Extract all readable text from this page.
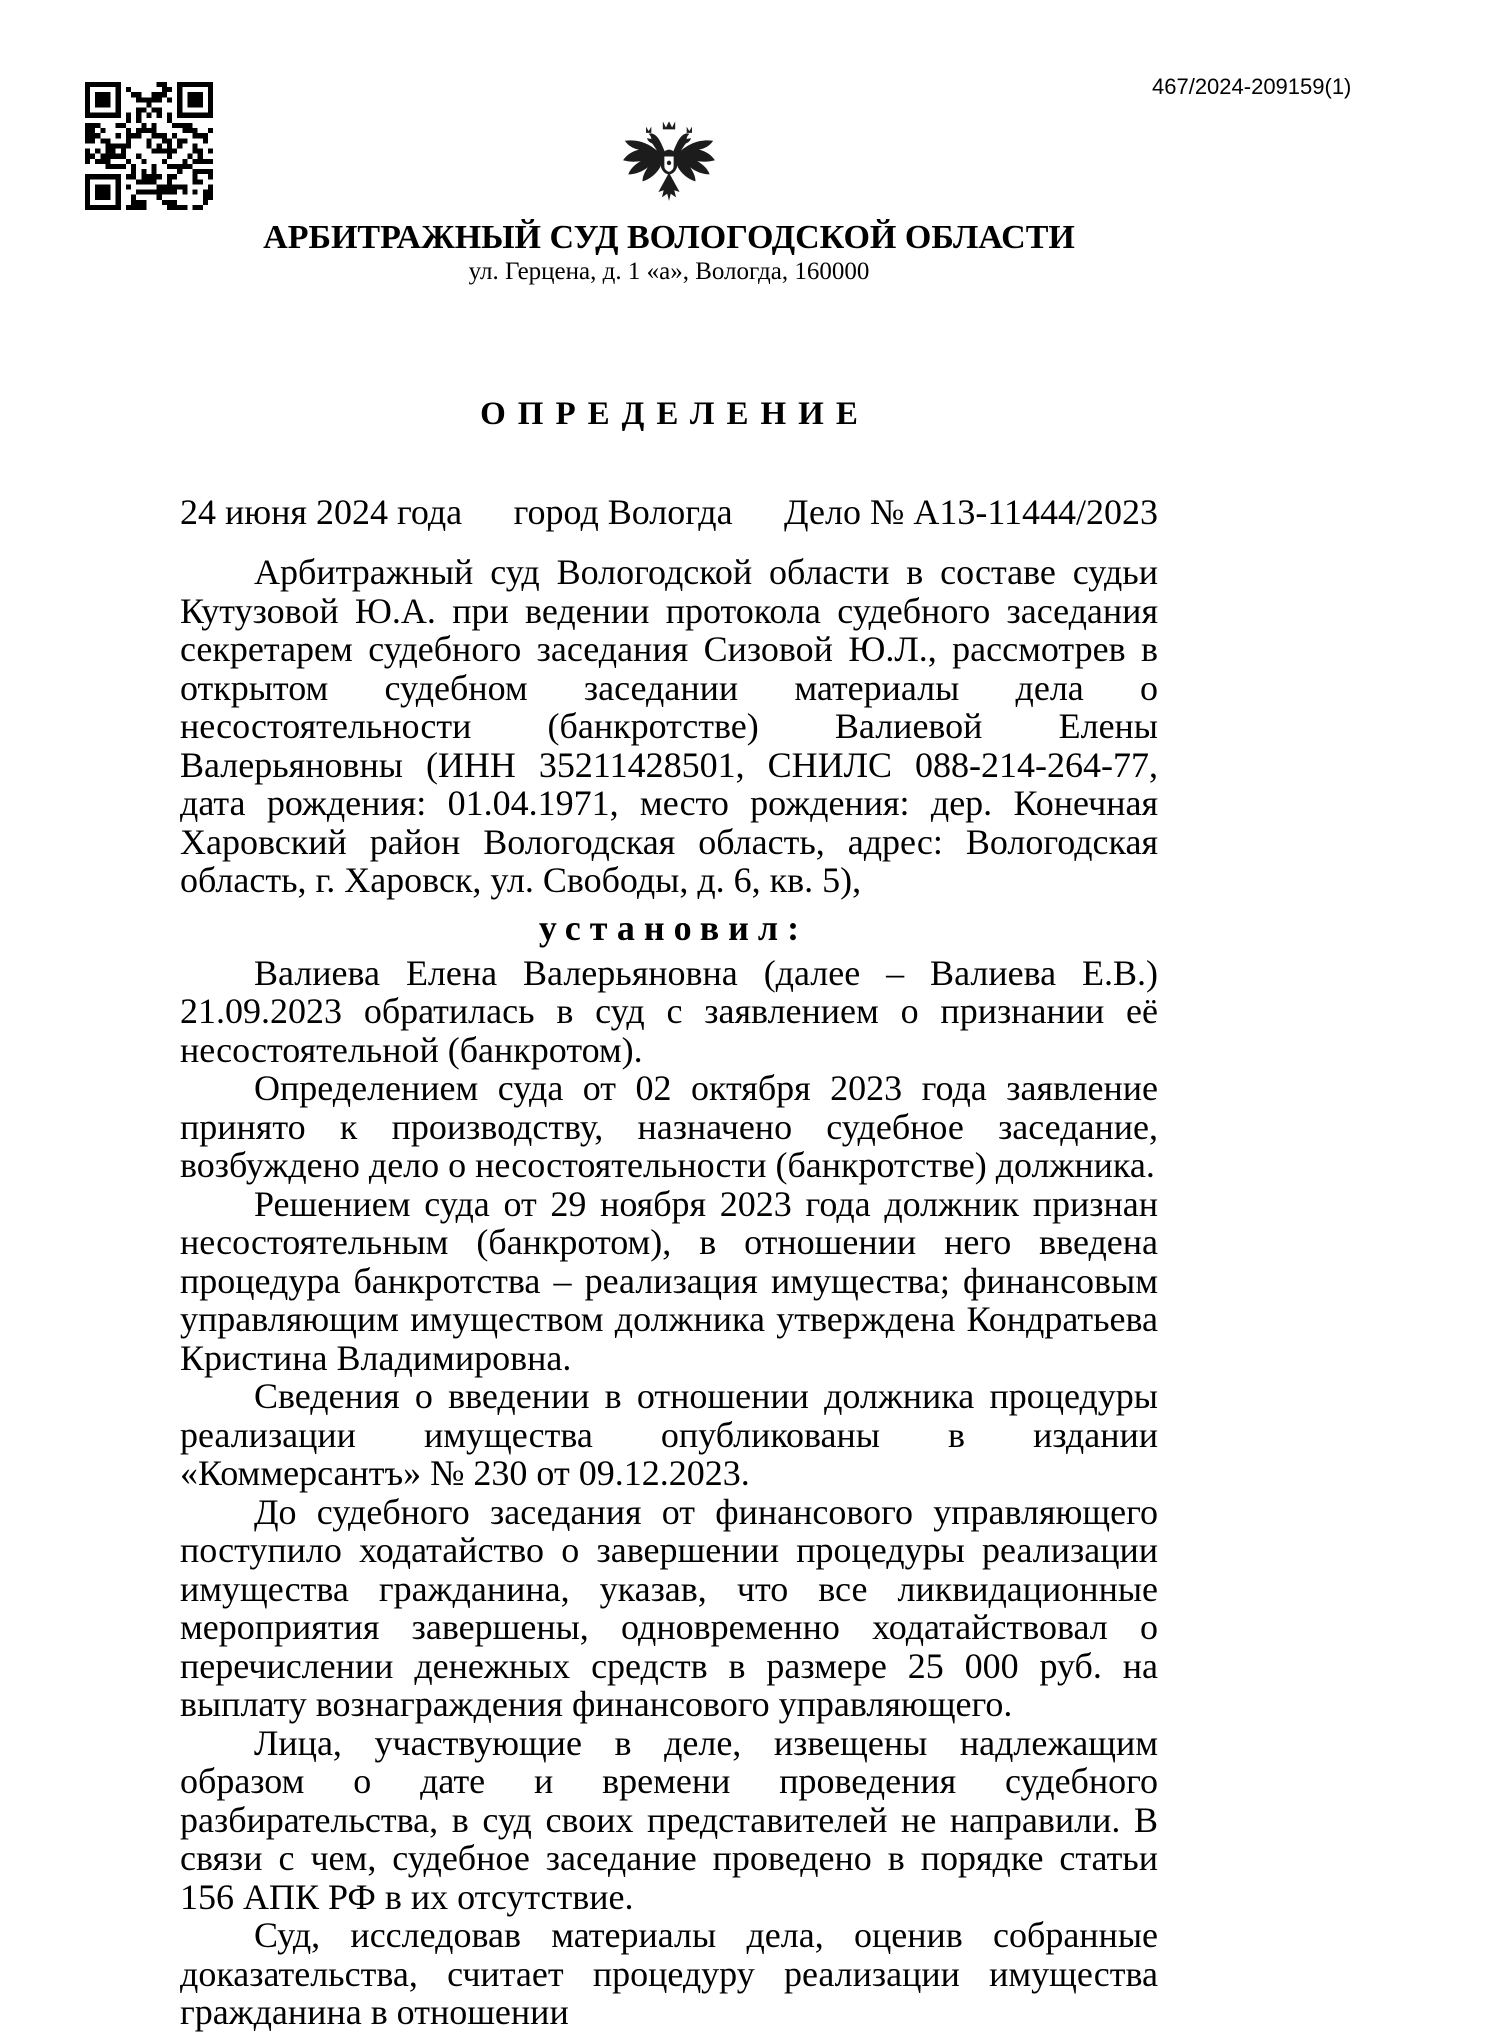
467/2024-209159(1)
АРБИТРАЖНЫЙ СУД ВОЛОГОДСКОЙ ОБЛАСТИ
ул. Герцена, д. 1 «а», Вологда, 160000
ОПРЕДЕЛЕНИЕ
24 июня 2024 года город Вологда Дело № А13-11444/2023

Арбитражный суд Вологодской области в составе судьи Кутузовой Ю.А. при ведении протокола судебного заседания секретарем судебного заседания Сизовой Ю.Л., рассмотрев в открытом судебном заседании материалы дела о несостоятельности (банкротстве) Валиевой Елены Валерьяновны (ИНН 35211428501, СНИЛС 088-214-264-77, дата рождения: 01.04.1971, место рождения: дер. Конечная Харовский район Вологодская область, адрес: Вологодская область, г. Харовск, ул. Свободы, д. 6, кв. 5),

установил:

Валиева Елена Валерьяновна (далее – Валиева Е.В.) 21.09.2023 обратилась в суд с заявлением о признании её несостоятельной (банкротом).

Определением суда от 02 октября 2023 года заявление принято к производству, назначено судебное заседание, возбуждено дело о несостоятельности (банкротстве) должника.

Решением суда от 29 ноября 2023 года должник признан несостоятельным (банкротом), в отношении него введена процедура банкротства – реализация имущества; финансовым управляющим имуществом должника утверждена Кондратьева Кристина Владимировна.

Сведения о введении в отношении должника процедуры реализации имущества опубликованы в издании «Коммерсантъ» № 230 от 09.12.2023.

До судебного заседания от финансового управляющего поступило ходатайство о завершении процедуры реализации имущества гражданина, указав, что все ликвидационные мероприятия завершены, одновременно ходатайствовал о перечислении денежных средств в размере 25 000 руб. на выплату вознаграждения финансового управляющего.

Лица, участвующие в деле, извещены надлежащим образом о дате и времени проведения судебного разбирательства, в суд своих представителей не направили. В связи с чем, судебное заседание проведено в порядке статьи 156 АПК РФ в их отсутствие.

Суд, исследовав материалы дела, оценив собранные доказательства, считает процедуру реализации имущества гражданина в отношении
